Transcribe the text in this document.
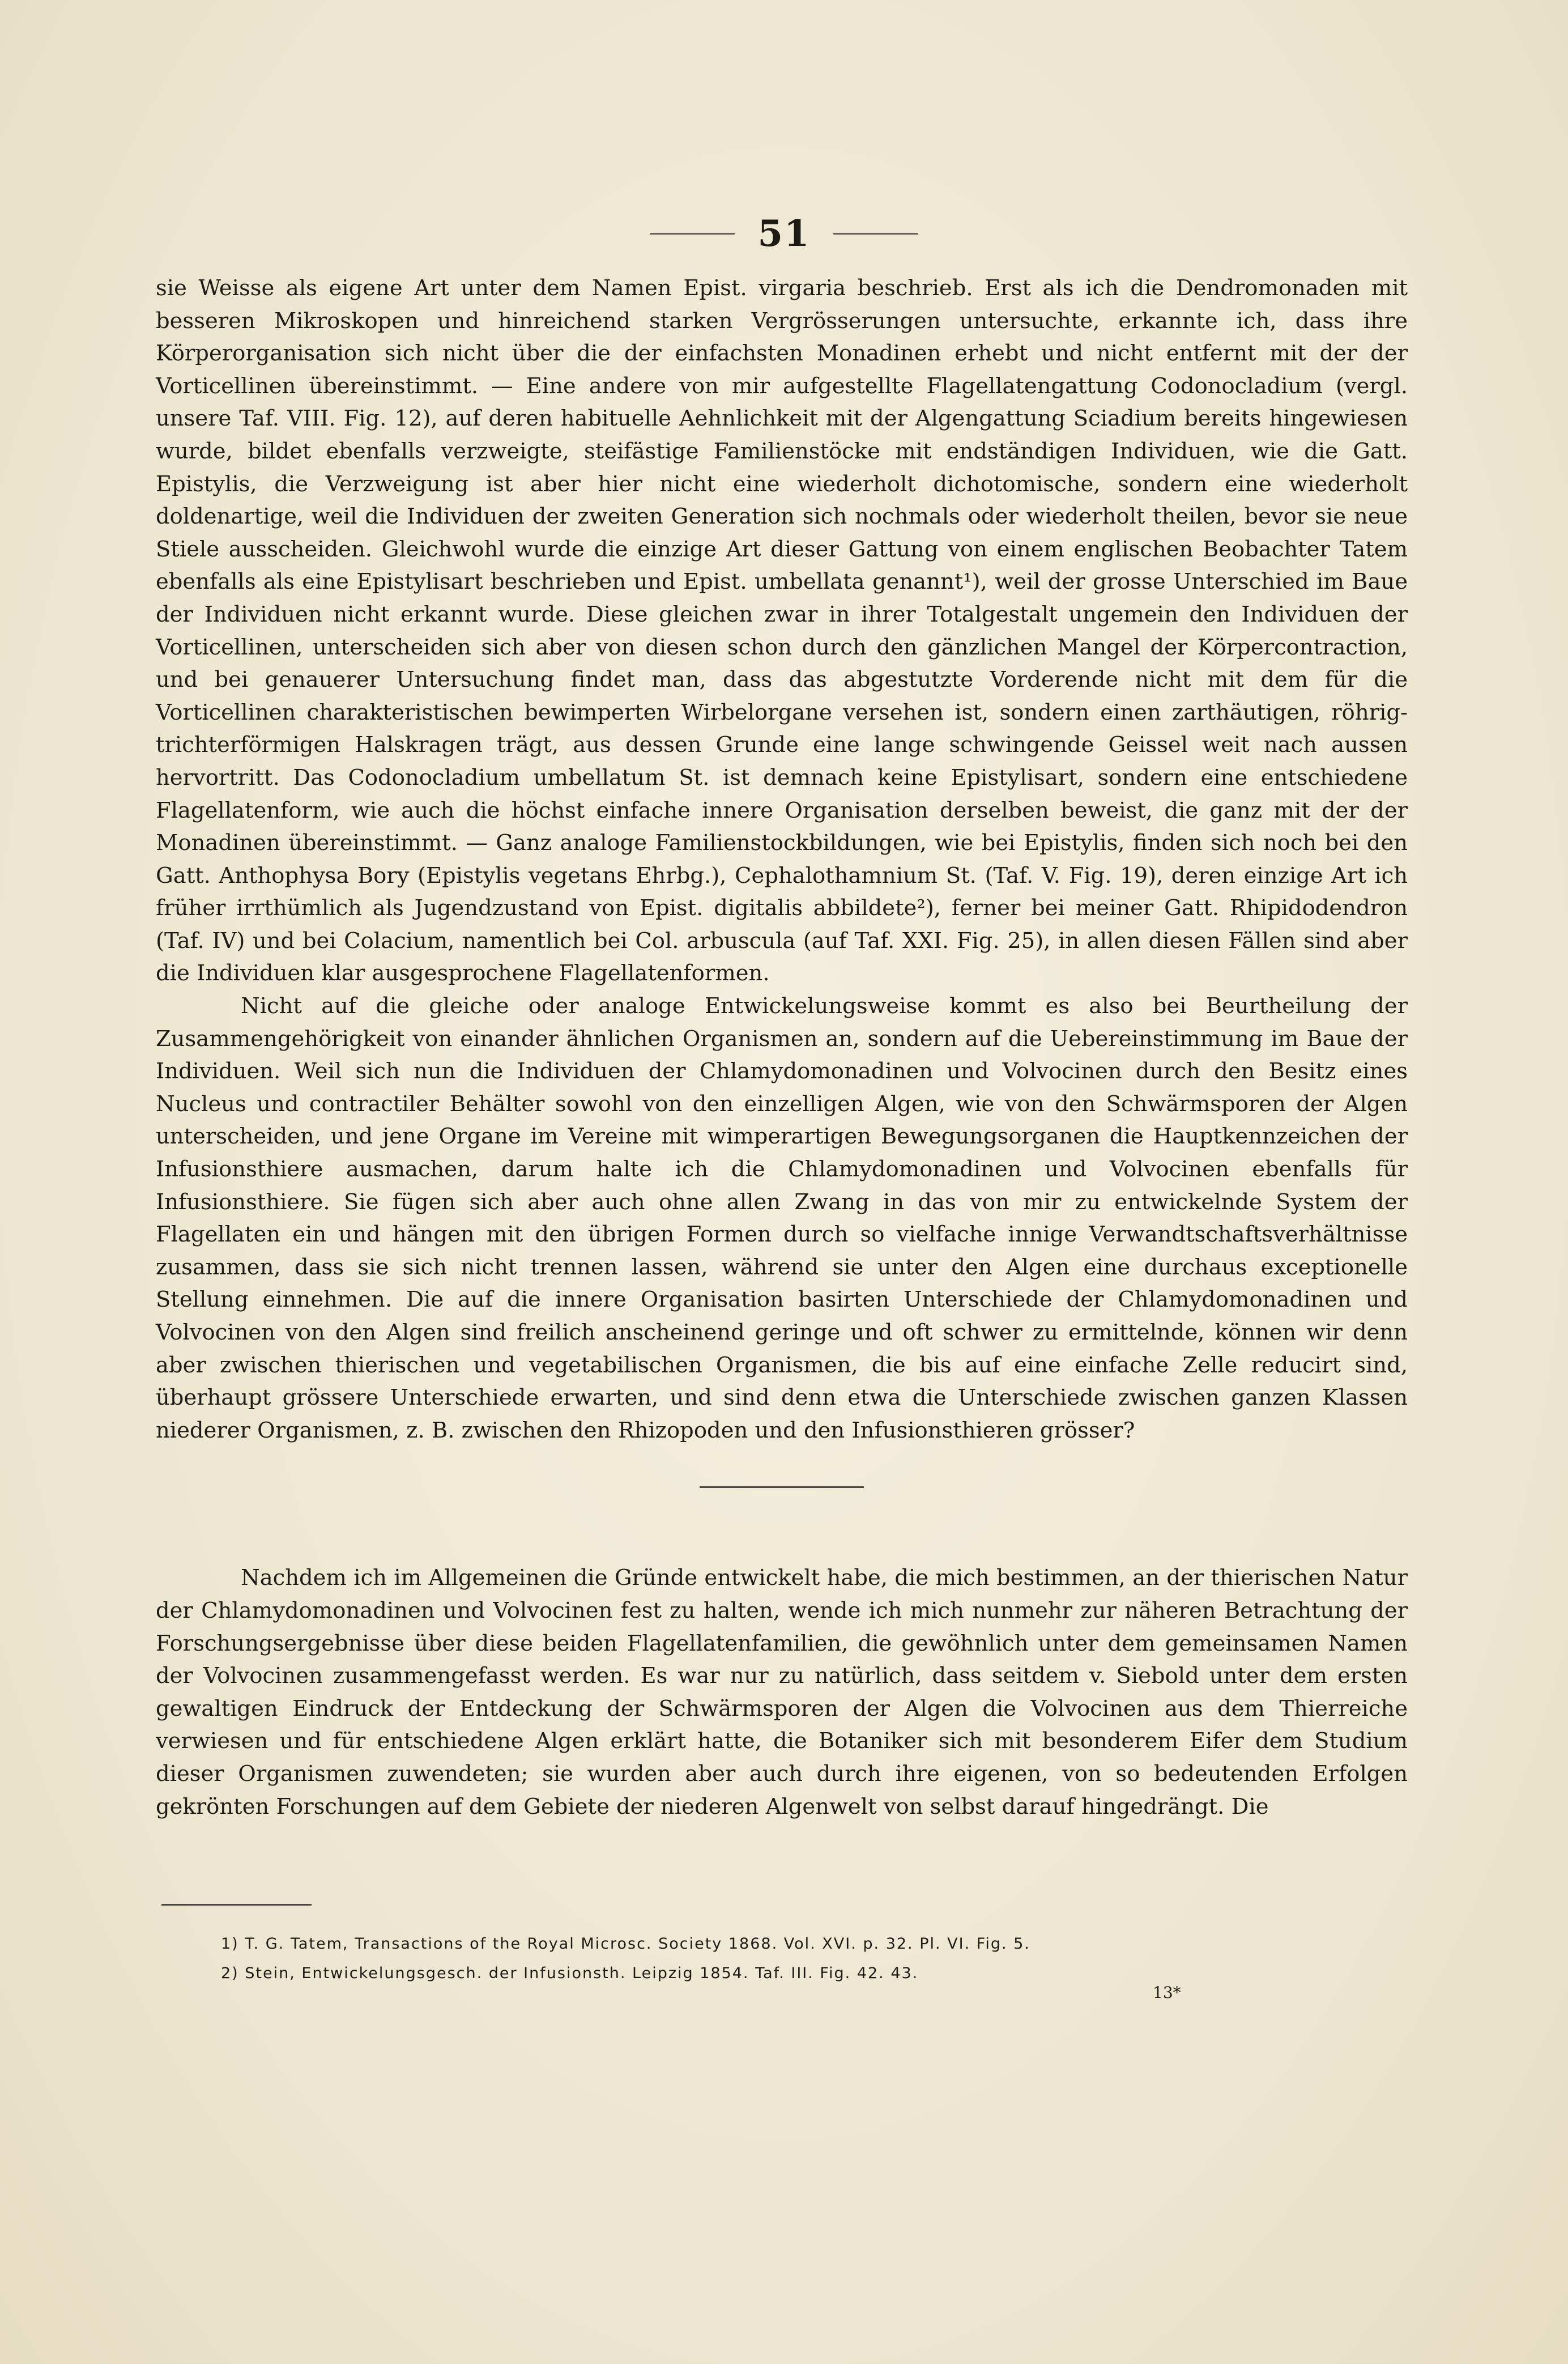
51

sie Weisse als eigene Art unter dem Namen Epist. virgaria beschrieb. Erst als ich die Dendromonaden mit besseren Mikroskopen und hinreichend starken Vergrösserungen untersuchte, erkannte ich, dass ihre Körperorganisation sich nicht über die der einfachsten Monadinen erhebt und nicht entfernt mit der der Vorticellinen übereinstimmt. — Eine andere von mir aufgestellte Flagellatengattung Codonocladium (vergl. unsere Taf. VIII. Fig. 12), auf deren habituelle Aehnlichkeit mit der Algengattung Sciadium bereits hingewiesen wurde, bildet ebenfalls verzweigte, steifästige Familienstöcke mit endständigen Individuen, wie die Gatt. Epistylis, die Verzweigung ist aber hier nicht eine wiederholt dichotomische, sondern eine wiederholt doldenartige, weil die Individuen der zweiten Generation sich nochmals oder wiederholt theilen, bevor sie neue Stiele ausscheiden. Gleichwohl wurde die einzige Art dieser Gattung von einem englischen Beobachter Tatem ebenfalls als eine Epistylisart beschrieben und Epist. umbellata genannt¹), weil der grosse Unterschied im Baue der Individuen nicht erkannt wurde. Diese gleichen zwar in ihrer Totalgestalt ungemein den Individuen der Vorticellinen, unterscheiden sich aber von diesen schon durch den gänzlichen Mangel der Körpercontraction, und bei genauerer Untersuchung findet man, dass das abgestutzte Vorderende nicht mit dem für die Vorticellinen charakteristischen bewimperten Wirbelorgane versehen ist, sondern einen zarthäutigen, röhrig-trichterförmigen Halskragen trägt, aus dessen Grunde eine lange schwingende Geissel weit nach aussen hervortritt. Das Codonocladium umbellatum St. ist demnach keine Epistylisart, sondern eine entschiedene Flagellatenform, wie auch die höchst einfache innere Organisation derselben beweist, die ganz mit der der Monadinen übereinstimmt. — Ganz analoge Familienstockbildungen, wie bei Epistylis, finden sich noch bei den Gatt. Anthophysa Bory (Epistylis vegetans Ehrbg.), Cephalothamnium St. (Taf. V. Fig. 19), deren einzige Art ich früher irrthümlich als Jugendzustand von Epist. digitalis abbildete²), ferner bei meiner Gatt. Rhipidodendron (Taf. IV) und bei Colacium, namentlich bei Col. arbuscula (auf Taf. XXI. Fig. 25), in allen diesen Fällen sind aber die Individuen klar ausgesprochene Flagellatenformen.

Nicht auf die gleiche oder analoge Entwickelungsweise kommt es also bei Beurtheilung der Zusammengehörigkeit von einander ähnlichen Organismen an, sondern auf die Uebereinstimmung im Baue der Individuen. Weil sich nun die Individuen der Chlamydomonadinen und Volvocinen durch den Besitz eines Nucleus und contractiler Behälter sowohl von den einzelligen Algen, wie von den Schwärmsporen der Algen unterscheiden, und jene Organe im Vereine mit wimperartigen Bewegungsorganen die Hauptkennzeichen der Infusionsthiere ausmachen, darum halte ich die Chlamydomonadinen und Volvocinen ebenfalls für Infusionsthiere. Sie fügen sich aber auch ohne allen Zwang in das von mir zu entwickelnde System der Flagellaten ein und hängen mit den übrigen Formen durch so vielfache innige Verwandtschaftsverhältnisse zusammen, dass sie sich nicht trennen lassen, während sie unter den Algen eine durchaus exceptionelle Stellung einnehmen. Die auf die innere Organisation basirten Unterschiede der Chlamydomonadinen und Volvocinen von den Algen sind freilich anscheinend geringe und oft schwer zu ermittelnde, können wir denn aber zwischen thierischen und vegetabilischen Organismen, die bis auf eine einfache Zelle reducirt sind, überhaupt grössere Unterschiede erwarten, und sind denn etwa die Unterschiede zwischen ganzen Klassen niederer Organismen, z. B. zwischen den Rhizopoden und den Infusionsthieren grösser?

Nachdem ich im Allgemeinen die Gründe entwickelt habe, die mich bestimmen, an der thierischen Natur der Chlamydomonadinen und Volvocinen fest zu halten, wende ich mich nunmehr zur näheren Betrachtung der Forschungsergebnisse über diese beiden Flagellatenfamilien, die gewöhnlich unter dem gemeinsamen Namen der Volvocinen zusammengefasst werden. Es war nur zu natürlich, dass seitdem v. Siebold unter dem ersten gewaltigen Eindruck der Entdeckung der Schwärmsporen der Algen die Volvocinen aus dem Thierreiche verwiesen und für entschiedene Algen erklärt hatte, die Botaniker sich mit besonderem Eifer dem Studium dieser Organismen zuwendeten; sie wurden aber auch durch ihre eigenen, von so bedeutenden Erfolgen gekrönten Forschungen auf dem Gebiete der niederen Algenwelt von selbst darauf hingedrängt. Die

1) T. G. Tatem, Transactions of the Royal Microsc. Society 1868. Vol. XVI. p. 32. Pl. VI. Fig. 5.
2) Stein, Entwickelungsgesch. der Infusionsth. Leipzig 1854. Taf. III. Fig. 42. 43.
13*
